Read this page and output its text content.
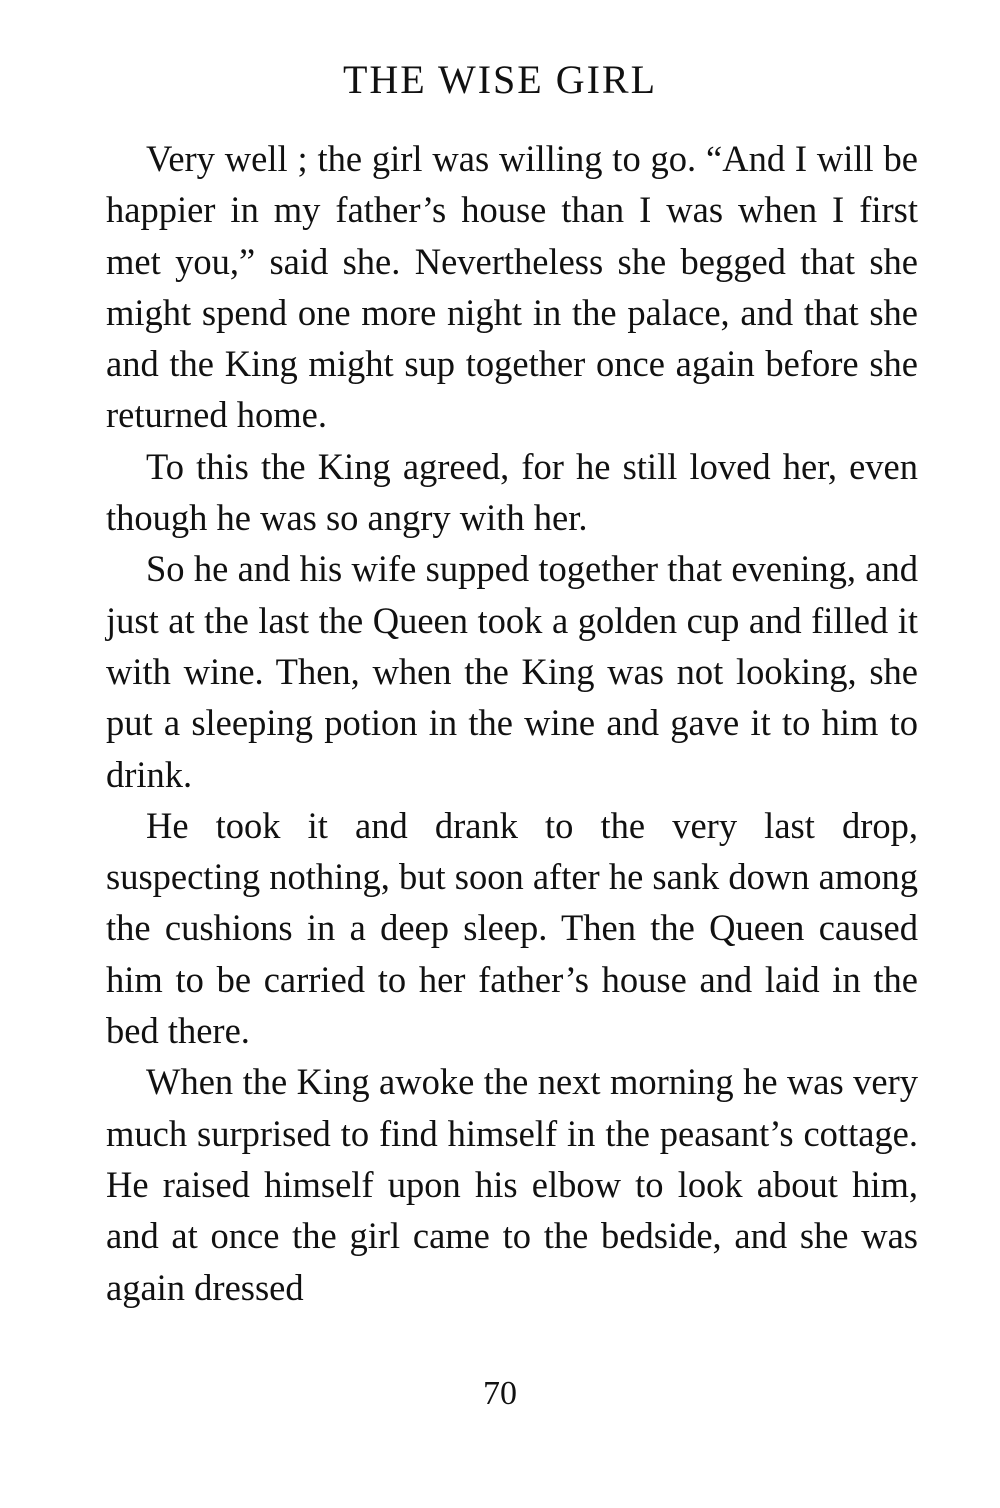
THE WISE GIRL

Very well ; the girl was willing to go. “And I will be happier in my father’s house than I was when I first met you,” said she. Nevertheless she begged that she might spend one more night in the palace, and that she and the King might sup together once again before she returned home.

To this the King agreed, for he still loved her, even though he was so angry with her.

So he and his wife supped together that evening, and just at the last the Queen took a golden cup and filled it with wine. Then, when the King was not looking, she put a sleeping potion in the wine and gave it to him to drink.

He took it and drank to the very last drop, suspecting nothing, but soon after he sank down among the cushions in a deep sleep. Then the Queen caused him to be carried to her father’s house and laid in the bed there.

When the King awoke the next morning he was very much surprised to find himself in the peasant’s cottage. He raised himself upon his elbow to look about him, and at once the girl came to the bedside, and she was again dressed

70
